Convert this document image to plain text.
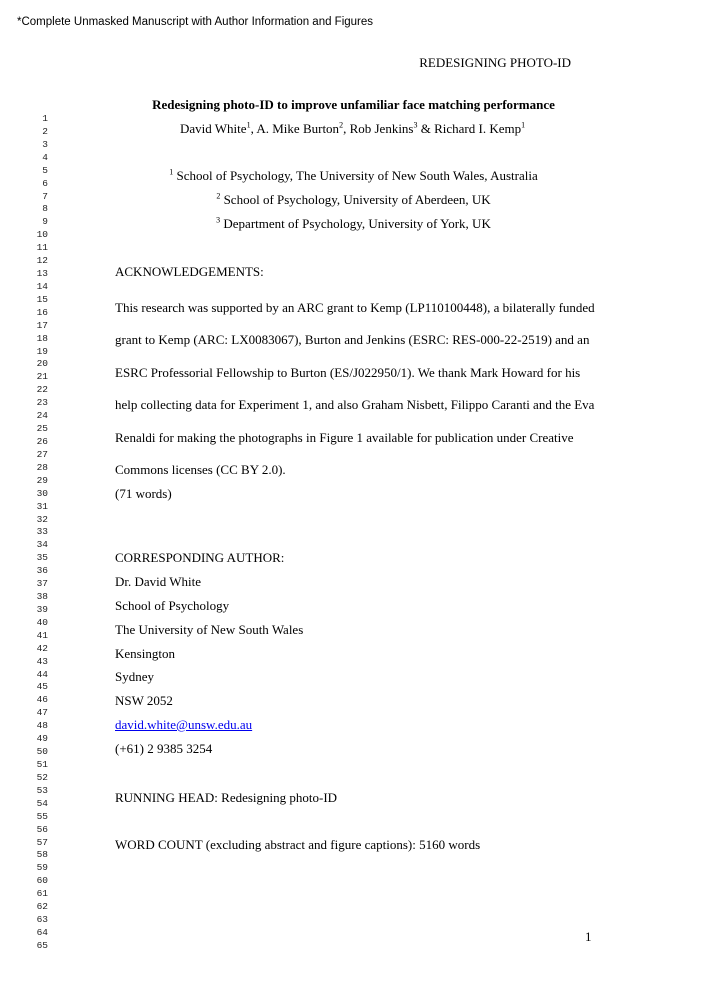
*Complete Unmasked Manuscript with Author Information and Figures
REDESIGNING PHOTO-ID
Redesigning photo-ID to improve unfamiliar face matching performance
David White$^1$, A. Mike Burton$^2$, Rob Jenkins$^3$ & Richard I. Kemp$^1$
$^1$ School of Psychology, The University of New South Wales, Australia
$^2$ School of Psychology, University of Aberdeen, UK
$^3$ Department of Psychology, University of York, UK
ACKNOWLEDGEMENTS:

This research was supported by an ARC grant to Kemp (LP110100448), a bilaterally funded grant to Kemp (ARC: LX0083067), Burton and Jenkins (ESRC: RES-000-22-2519) and an ESRC Professorial Fellowship to Burton (ES/J022950/1). We thank Mark Howard for his help collecting data for Experiment 1, and also Graham Nisbett, Filippo Caranti and the Eva Renaldi for making the photographs in Figure 1 available for publication under Creative Commons licenses (CC BY 2.0).

(71 words)
CORRESPONDING AUTHOR:
Dr. David White
School of Psychology
The University of New South Wales
Kensington
Sydney
NSW 2052
david.white@unsw.edu.au
(+61) 2 9385 3254
RUNNING HEAD: Redesigning photo-ID
WORD COUNT (excluding abstract and figure captions): 5160 words
1
2
3
4
5
6
7
8
9
10
11
12
13
14
15
16
17
18
19
20
21
22
23
24
25
26
27
28
29
30
31
32
33
34
35
36
37
38
39
40
41
42
43
44
45
46
47
48
49
50
51
52
53
54
55
56
57
58
59
60
61
62
63
64
65
1
